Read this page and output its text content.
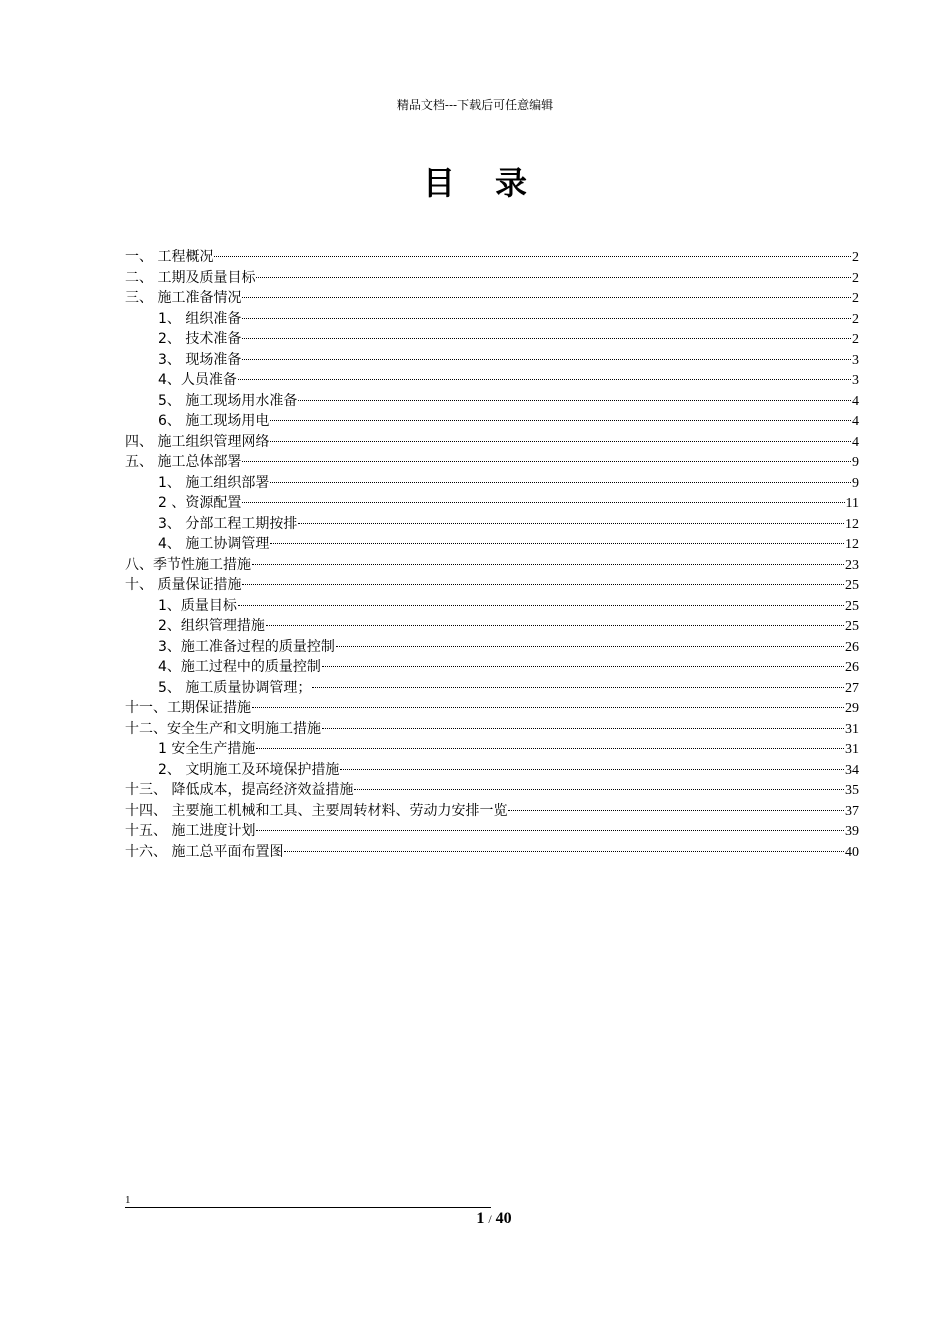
精品文档---下载后可任意编辑
目录
一、 工程概况	2
二、 工期及质量目标	2
三、 施工准备情况	2
1、 组织准备	2
2、 技术准备	2
3、 现场准备	3
4、人员准备	3
5、 施工现场用水准备	4
6、 施工现场用电	4
四、 施工组织管理网络	4
五、 施工总体部署	9
1、 施工组织部署	9
2 、资源配置	11
3、 分部工程工期按排	12
4、 施工协调管理	12
八、季节性施工措施	23
十、 质量保证措施	25
1、质量目标	25
2、组织管理措施	25
3、施工准备过程的质量控制	26
4、施工过程中的质量控制	26
5、 施工质量协调管理；	27
十一、工期保证措施	29
十二、安全生产和文明施工措施	31
1 安全生产措施	31
2、 文明施工及环境保护措施	34
十三、 降低成本，提高经济效益措施	35
十四、 主要施工机械和工具、主要周转材料、劳动力安排一览	37
十五、 施工进度计划	39
十六、 施工总平面布置图	40
1
1 / 40
